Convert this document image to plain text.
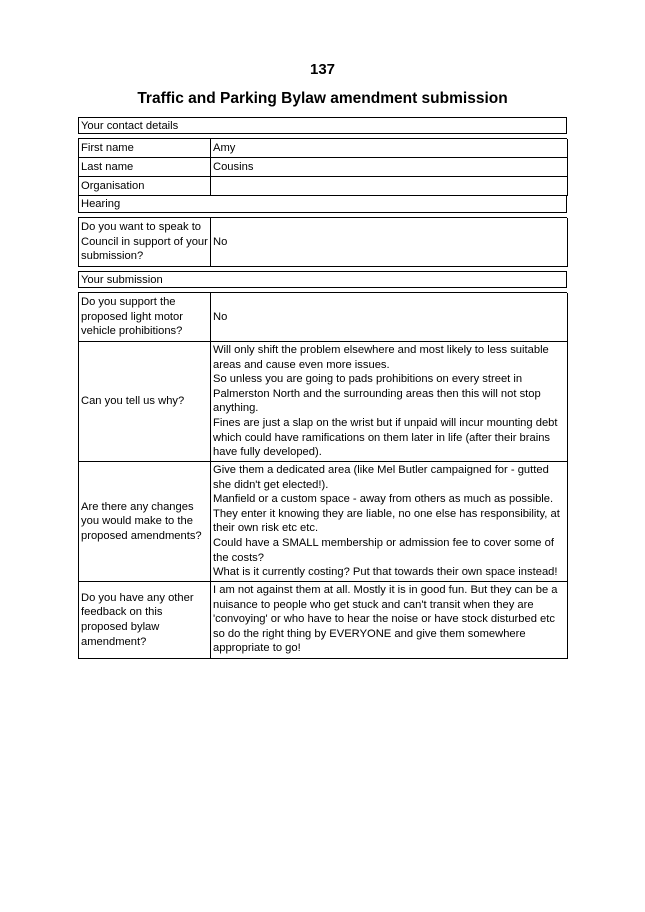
137
Traffic and Parking Bylaw amendment submission
Your contact details
First name	Amy
Last name	Cousins
Organisation
Hearing
Do you want to speak to Council in support of your submission?
No
Your submission
Do you support the proposed light motor vehicle prohibitions?
No
Can you tell us why?

Will only shift the problem elsewhere and most likely to less suitable areas and cause even more issues.

So unless you are going to pads prohibitions on every street in Palmerston North and the surrounding areas then this will not stop anything.

Fines are just a slap on the wrist but if unpaid will incur mounting debt which could have ramifications on them later in life (after their brains have fully developed).

Are there any changes you would make to the proposed amendments?

Give them a dedicated area (like Mel Butler campaigned for - gutted she didn't get elected!).

Manfield or a custom space - away from others as much as possible. They enter it knowing they are liable, no one else has responsibility, at their own risk etc etc.

Could have a SMALL membership or admission fee to cover some of the costs?

What is it currently costing? Put that towards their own space instead!

Do you have any other feedback on this proposed bylaw amendment?

I am not against them at all. Mostly it is in good fun. But they can be a nuisance to people who get stuck and can't transit when they are 'convoying' or who have to hear the noise or have stock disturbed etc so do the right thing by EVERYONE and give them somewhere appropriate to go!
